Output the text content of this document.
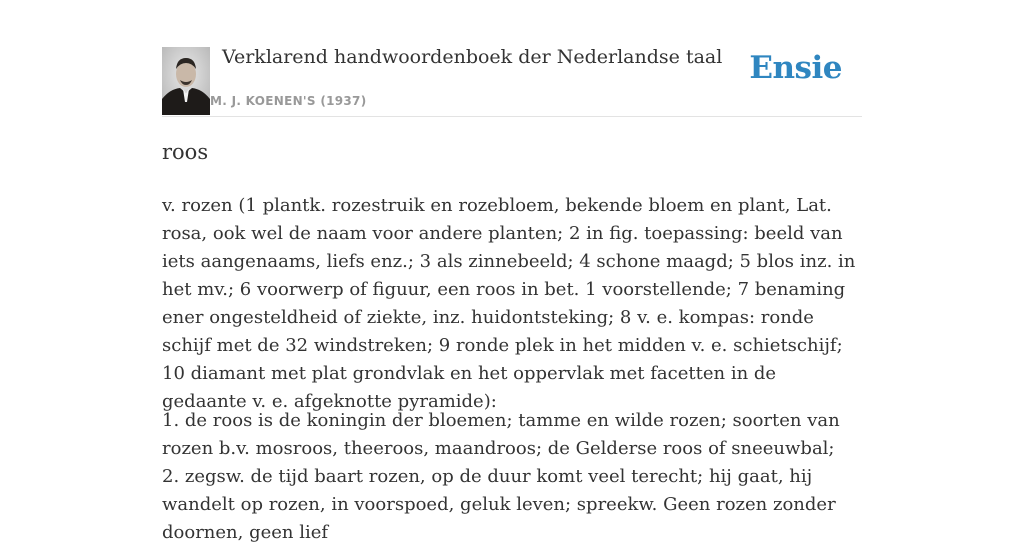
Verklarend handwoordenboek der Nederlandse taal
M. J. KOENEN'S (1937)
Ensie
roos

v. rozen (1 plantk. rozestruik en rozebloem, bekende bloem en plant, Lat. rosa, ook wel de naam voor andere planten; 2 in fig. toepassing: beeld van iets aangenaams, liefs enz.; 3 als zinnebeeld; 4 schone maagd; 5 blos inz. in het mv.; 6 voorwerp of figuur, een roos in bet. 1 voorstellende; 7 benaming ener ongesteldheid of ziekte, inz. huidontsteking; 8 v. e. kompas: ronde schijf met de 32 windstreken; 9 ronde plek in het midden v. e. schietschijf; 10 diamant met plat grondvlak en het oppervlak met facetten in de gedaante v. e. afgeknotte pyramide):

1. de roos is de koningin der bloemen; tamme en wilde rozen; soorten van rozen b.v. mosroos, theeroos, maandroos; de Gelderse roos of sneeuwbal;
2. zegsw. de tijd baart rozen, op de duur komt veel terecht; hij gaat, hij wandelt op rozen, in voorspoed, geluk leven; spreekw. Geen rozen zonder doornen, geen lief
